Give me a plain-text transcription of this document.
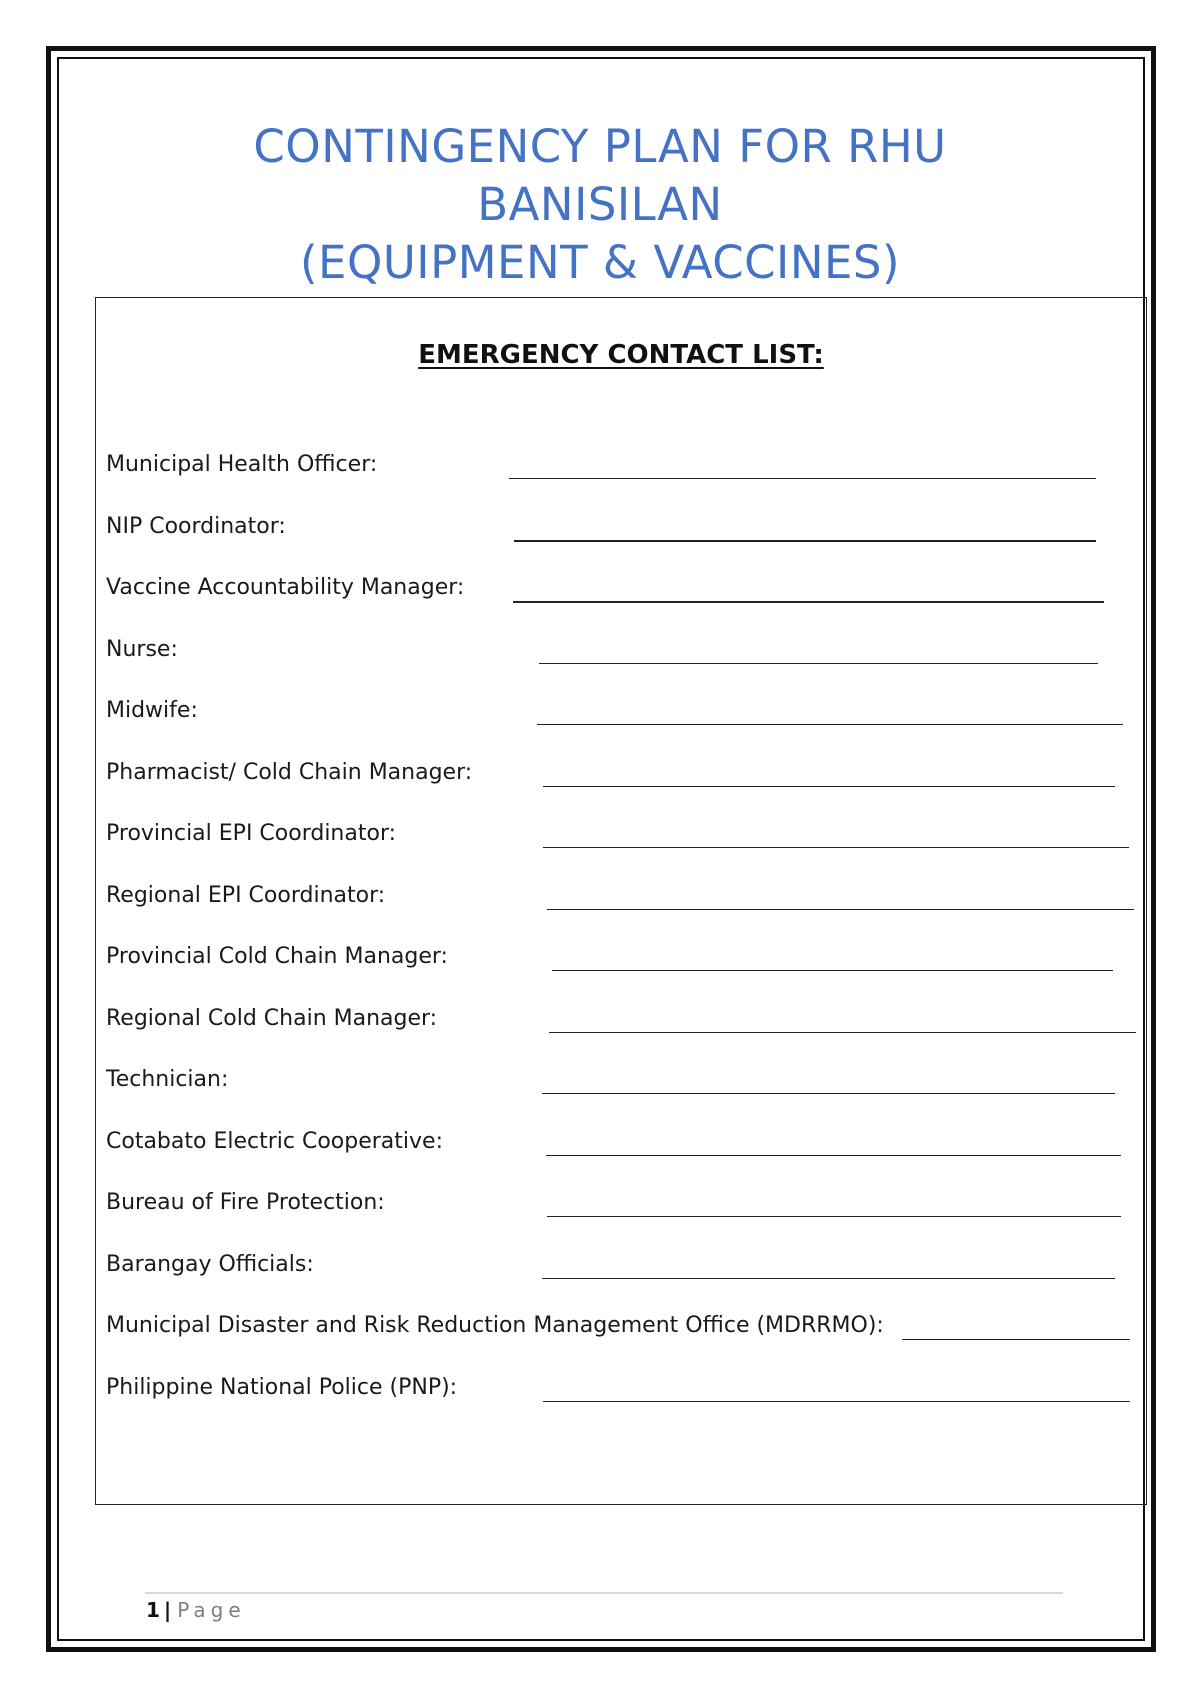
CONTINGENCY PLAN FOR RHU
BANISILAN
(EQUIPMENT & VACCINES)
EMERGENCY CONTACT LIST:
Municipal Health Officer:
NIP Coordinator:
Vaccine Accountability Manager:
Nurse:
Midwife:
Pharmacist/ Cold Chain Manager:
Provincial EPI Coordinator:
Regional EPI Coordinator:
Provincial Cold Chain Manager:
Regional Cold Chain Manager:
Technician:
Cotabato Electric Cooperative:
Bureau of Fire Protection:
Barangay Officials:
Municipal Disaster and Risk Reduction Management Office (MDRRMO):
Philippine National Police (PNP):
1 | Page
